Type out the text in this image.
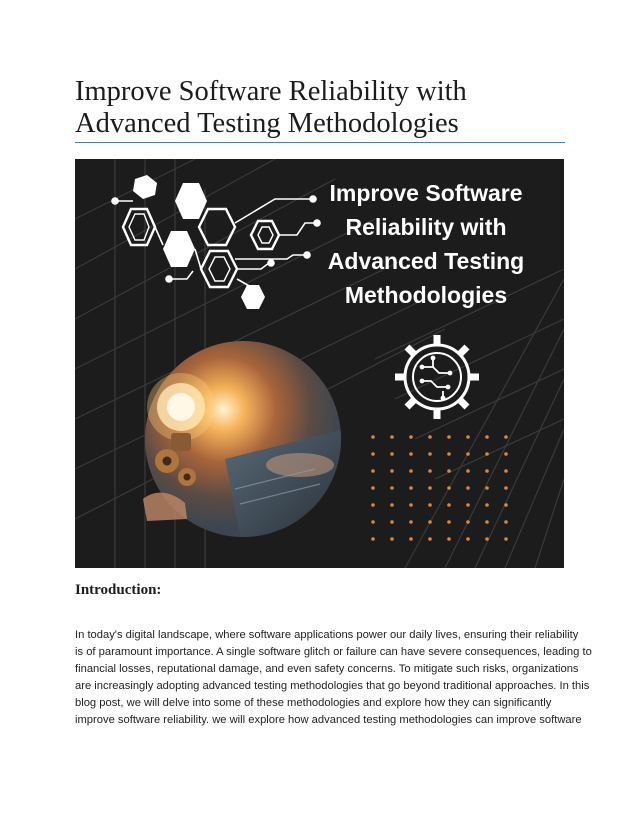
Improve Software Reliability with
Advanced Testing Methodologies
Improve Software
Reliability with
Advanced Testing
Methodologies
Introduction:

In today's digital landscape, where software applications power our daily lives, ensuring their reliability
is of paramount importance. A single software glitch or failure can have severe consequences, leading to
financial losses, reputational damage, and even safety concerns. To mitigate such risks, organizations
are increasingly adopting advanced testing methodologies that go beyond traditional approaches. In this
blog post, we will delve into some of these methodologies and explore how they can significantly
improve software reliability. we will explore how advanced testing methodologies can improve software
